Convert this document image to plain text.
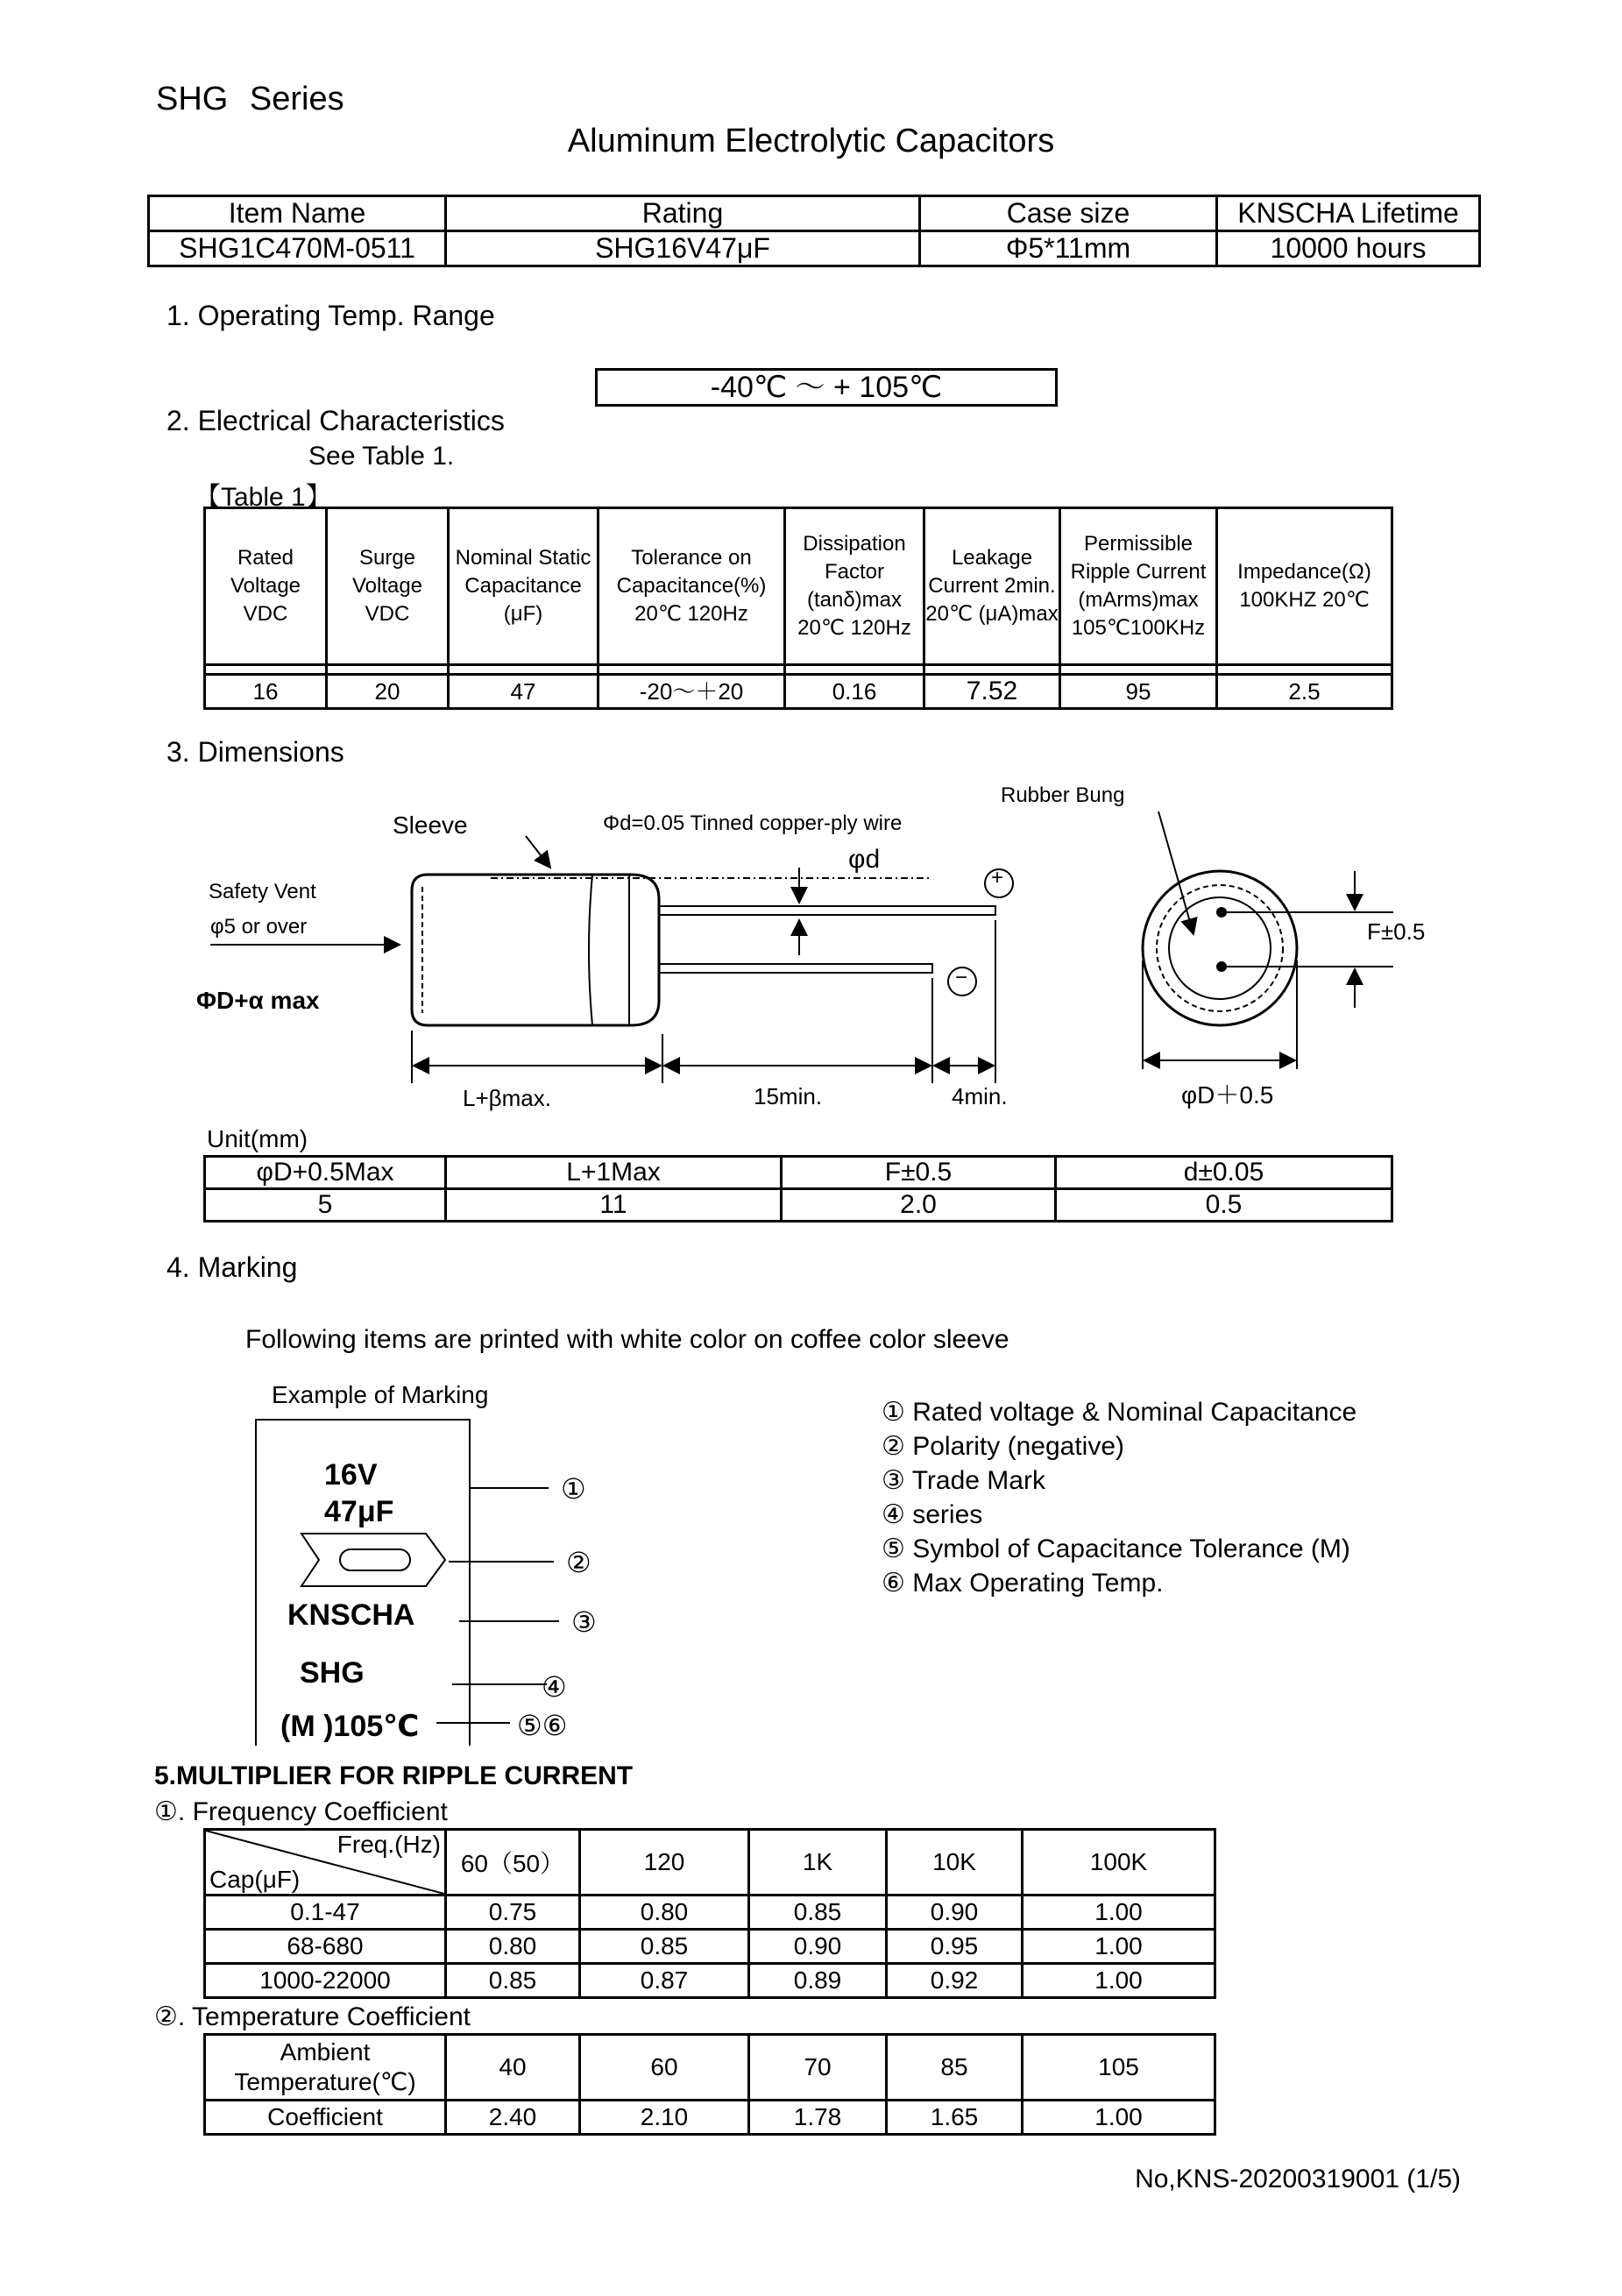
SHG Series
Aluminum Electrolytic Capacitors
Item Name	Rating	Case size	KNSCHA Lifetime
SHG1C470M-0511	SHG16V47μF	Φ5*11mm	10000 hours
1. Operating Temp. Range
-40℃ ～ + 105℃
2. Electrical Characteristics
See Table 1.
【Table 1】
Rated Voltage VDC	Surge Voltage VDC	Nominal Static Capacitance (μF)	Tolerance on Capacitance(%) 20℃ 120Hz	Dissipation Factor (tanδ)max 20℃ 120Hz	Leakage Current 2min. 20℃ (μA)max	Permissible Ripple Current (mArms)max 105℃100KHz	Impedance(Ω) 100KHZ 20℃

16	20	47	-20～＋20	0.16	7.52	95	2.5
3. Dimensions
Sleeve	Φd=0.05 Tinned copper-ply wire
Rubber Bung
φd
Safety Vent
φ5 or over
ΦD+α max
L+βmax.	15min.	4min.	φD＋0.5
F±0.5
+
−
Unit(mm)
φD+0.5Max	L+1Max	F±0.5	d±0.05
5	11	2.0	0.5
4. Marking
Following items are printed with white color on coffee color sleeve
Example of Marking
16V
47μF
KNSCHA
SHG
(M )105℃
①
②
③
④
⑤⑥
① Rated voltage & Nominal Capacitance
② Polarity (negative)
③ Trade Mark
④ series
⑤ Symbol of Capacitance Tolerance (M)
⑥ Max Operating Temp.
5.MULTIPLIER FOR RIPPLE CURRENT
①. Frequency Coefficient
Freq.(Hz)
Cap(μF)	60（50）	120	1K	10K	100K
0.1-47	0.75	0.80	0.85	0.90	1.00
68-680	0.80	0.85	0.90	0.95	1.00
1000-22000	0.85	0.87	0.89	0.92	1.00
②. Temperature Coefficient
Ambient Temperature(℃)	40	60	70	85	105
Coefficient	2.40	2.10	1.78	1.65	1.00
No,KNS-20200319001 (1/5)
